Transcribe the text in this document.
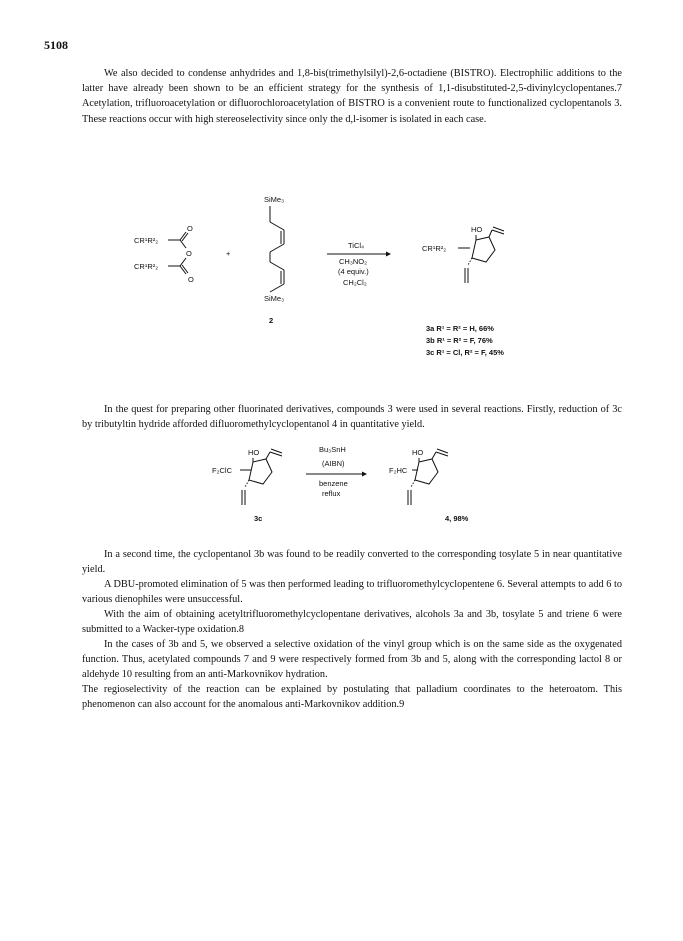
5108

We also decided to condense anhydrides and 1,8-bis(trimethylsilyl)-2,6-octadiene (BISTRO). Electrophilic additions to the latter have already been shown to be an efficient strategy for the synthesis of 1,1-disubstituted-2,5-divinylcyclopentanes.7 Acetylation, trifluoroacetylation or difluorochloroacetylation of BISTRO is a convenient route to functionalized cyclopentanols 3. These reactions occur with high stereoselectivity since only the d,l-isomer is isolated in each case.

CR¹R²₂
CR¹R²₂
O
O
O
+
SiMe₃
SiMe₃
2
TiCl₄
CH₃NO₂
(4 equiv.)
CH₂Cl₂
CR¹R²₂
HO
3a R¹ = R² = H, 66%
3b R¹ = R² = F, 76%
3c R¹ = Cl, R² = F, 45%

In the quest for preparing other fluorinated derivatives, compounds 3 were used in several reactions. Firstly, reduction of 3c by tributyltin hydride afforded difluoromethylcyclopentanol 4 in quantitative yield.

HO
F₂ClC
3c
Bu₃SnH
(AIBN)
benzene
reflux
HO
F₂HC
4, 98%

In a second time, the cyclopentanol 3b was found to be readily converted to the corresponding tosylate 5 in near quantitative yield.

A DBU-promoted elimination of 5 was then performed leading to trifluoromethylcyclopentene 6. Several attempts to add 6 to various dienophiles were unsuccessful.

With the aim of obtaining acetyltrifluoromethylcyclopentane derivatives, alcohols 3a and 3b, tosylate 5 and triene 6 were submitted to a Wacker-type oxidation.8

In the cases of 3b and 5, we observed a selective oxidation of the vinyl group which is on the same side as the oxygenated function. Thus, acetylated compounds 7 and 9 were respectively formed from 3b and 5, along with the corresponding lactol 8 or aldehyde 10 resulting from an anti-Markovnikov hydration.

The regioselectivity of the reaction can be explained by postulating that palladium coordinates to the heteroatom. This phenomenon can also account for the anomalous anti-Markovnikov addition.9
